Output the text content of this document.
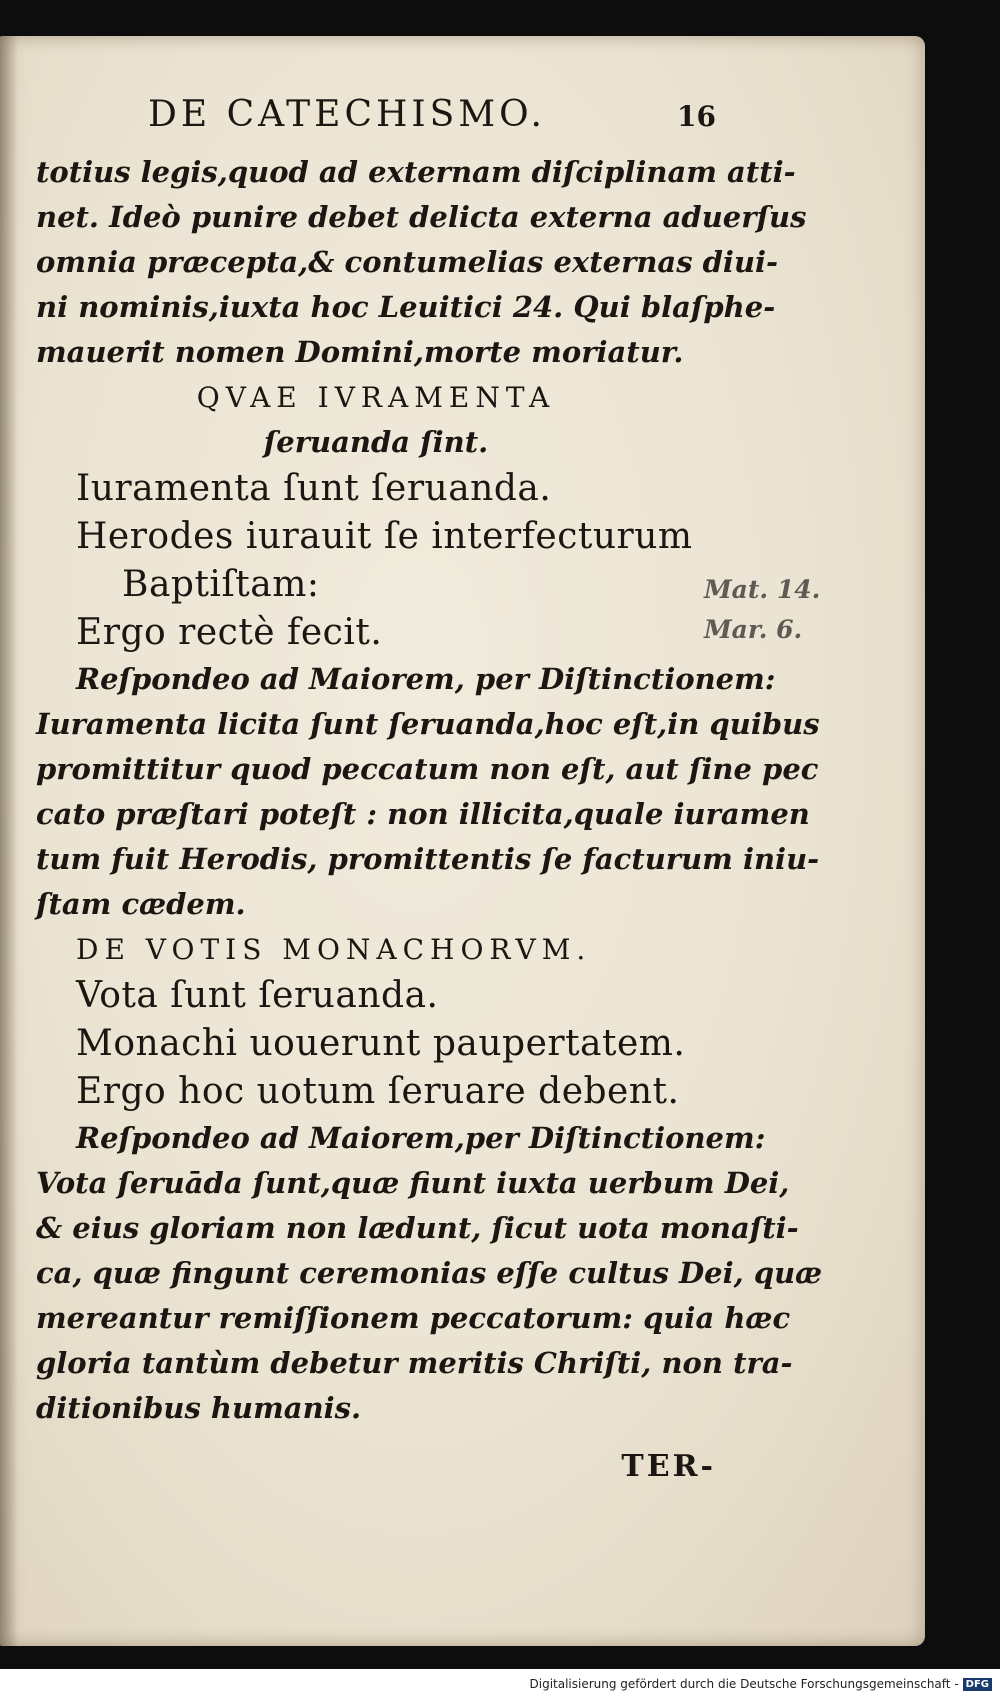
DE CATECHISMO.	16
totius legis,quod ad externam diſciplinam atti-
net. Ideò punire debet delicta externa aduerſus
omnia præcepta,& contumelias externas diui-
ni nominis,iuxta hoc Leuitici 24. Qui blaſphe-
mauerit nomen Domini,morte moriatur.
QVAE IVRAMENTA
ſeruanda ſint.
Iuramenta ſunt ſeruanda.
Herodes iurauit ſe interfecturum
Baptiſtam:
Ergo rectè fecit.
Reſpondeo ad Maiorem, per Diſtinctionem:
Iuramenta licita ſunt ſeruanda,hoc eſt,in quibus
promittitur quod peccatum non eſt, aut ſine pec
cato præſtari poteſt : non illicita,quale iuramen
tum fuit Herodis, promittentis ſe facturum iniu-
ſtam cædem.
DE VOTIS MONACHORVM.
Vota ſunt ſeruanda.
Monachi uouerunt paupertatem.
Ergo hoc uotum ſeruare debent.
Reſpondeo ad Maiorem,per Diſtinctionem:
Vota ſeruāda ſunt,quæ fiunt iuxta uerbum Dei,
& eius gloriam non lædunt, ſicut uota monaſti-
ca, quæ fingunt ceremonias eſſe cultus Dei, quæ
mereantur remiſſionem peccatorum: quia hæc
gloria tantùm debetur meritis Chriſti, non tra-
ditionibus humanis.
TER-
Mat. 14.
Mar. 6.
Digitalisierung gefördert durch die Deutsche Forschungsgemeinschaft - DFG
